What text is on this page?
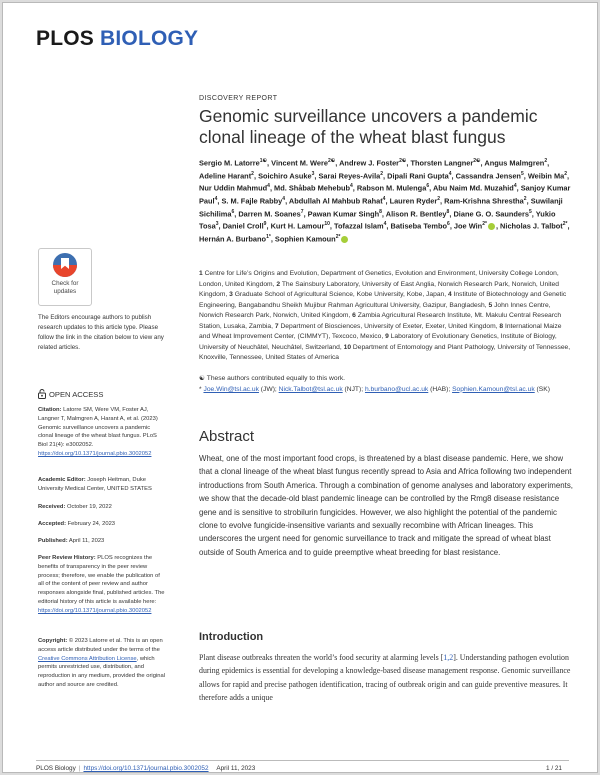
PLOS BIOLOGY
DISCOVERY REPORT
Genomic surveillance uncovers a pandemic clonal lineage of the wheat blast fungus
Sergio M. Latorre$^{1☯}$, Vincent M. Were$^{2☯}$, Andrew J. Foster$^{2☯}$, Thorsten Langner$^{2☯}$, Angus Malmgren$^2$, Adeline Harant$^2$, Soichiro Asuke$^3$, Sarai Reyes-Avila$^2$, Dipali Rani Gupta$^4$, Cassandra Jensen$^5$, Weibin Ma$^2$, Nur Uddin Mahmud$^4$, Md. Shåbab Mehebub$^4$, Rabson M. Mulenga$^6$, Abu Naim Md. Muzahid$^4$, Sanjoy Kumar Paul$^4$, S. M. Fajle Rabby$^4$, Abdullah Al Mahbub Rahat$^4$, Lauren Ryder$^2$, Ram-Krishna Shrestha$^2$, Suwilanji Sichilima$^6$, Darren M. Soanes$^7$, Pawan Kumar Singh$^8$, Alison R. Bentley$^8$, Diane G. O. Saunders$^5$, Yukio Tosa$^3$, Daniel Croll$^9$, Kurt H. Lamour$^{10}$, Tofazzal Islam$^4$, Batiseba Tembo$^6$, Joe Win$^{2*}$ , Nicholas J. Talbot$^{2*}$, Hernán A. Burbano$^{1*}$, Sophien Kamoun$^{2*}$
1 Centre for Life’s Origins and Evolution, Department of Genetics, Evolution and Environment, University College London, London, United Kingdom, 2 The Sainsbury Laboratory, University of East Anglia, Norwich Research Park, Norwich, United Kingdom, 3 Graduate School of Agricultural Science, Kobe University, Kobe, Japan, 4 Institute of Biotechnology and Genetic Engineering, Bangabandhu Sheikh Mujibur Rahman Agricultural University, Gazipur, Bangladesh, 5 John Innes Centre, Norwich Research Park, Norwich, United Kingdom, 6 Zambia Agricultural Research Institute, Mt. Makulu Central Research Station, Lusaka, Zambia, 7 Department of Biosciences, University of Exeter, Exeter, United Kingdom, 8 International Maize and Wheat Improvement Center, (CIMMYT), Texcoco, Mexico, 9 Laboratory of Evolutionary Genetics, Institute of Biology, University of Neuchâtel, Neuchâtel, Switzerland, 10 Department of Entomology and Plant Pathology, University of Tennessee, Knoxville, Tennessee, United States of America
☯ These authors contributed equally to this work.
* Joe.Win@tsl.ac.uk (JW); Nick.Talbot@tsl.ac.uk (NJT); h.burbano@ucl.ac.uk (HAB); Sophien.Kamoun@tsl.ac.uk (SK)
Abstract
Wheat, one of the most important food crops, is threatened by a blast disease pandemic. Here, we show that a clonal lineage of the wheat blast fungus recently spread to Asia and Africa following two independent introductions from South America. Through a combination of genome analyses and laboratory experiments, we show that the decade-old blast pandemic lineage can be controlled by the Rmg8 disease resistance gene and is sensitive to strobilurin fungicides. However, we also highlight the potential of the pandemic clone to evolve fungicide-insensitive variants and sexually recombine with African lineages. This underscores the urgent need for genomic surveillance to track and mitigate the spread of wheat blast outside of South America and to guide preemptive wheat breeding for blast resistance.
Introduction
Plant disease outbreaks threaten the world’s food security at alarming levels [1,2]. Understanding pathogen evolution during epidemics is essential for developing a knowledge-based disease management response. Genomic surveillance allows for rapid and precise pathogen identification, tracing of outbreak origin and can guide preventive measures. It therefore adds a unique
Check for
updates
The Editors encourage authors to publish research updates to this article type. Please follow the link in the citation below to view any related articles.
OPEN ACCESS
Citation: Latorre SM, Were VM, Foster AJ, Langner T, Malmgren A, Harant A, et al. (2023) Genomic surveillance uncovers a pandemic clonal lineage of the wheat blast fungus. PLoS Biol 21(4): e3002052. https://doi.org/10.1371/journal.pbio.3002052
Academic Editor: Joseph Heitman, Duke University Medical Center, UNITED STATES
Received: October 19, 2022
Accepted: February 24, 2023
Published: April 11, 2023
Peer Review History: PLOS recognizes the benefits of transparency in the peer review process; therefore, we enable the publication of all of the content of peer review and author responses alongside final, published articles. The editorial history of this article is available here: https://doi.org/10.1371/journal.pbio.3002052
Copyright: © 2023 Latorre et al. This is an open access article distributed under the terms of the Creative Commons Attribution License, which permits unrestricted use, distribution, and reproduction in any medium, provided the original author and source are credited.
PLOS Biology | https://doi.org/10.1371/journal.pbio.3002052 April 11, 2023	1 / 21
